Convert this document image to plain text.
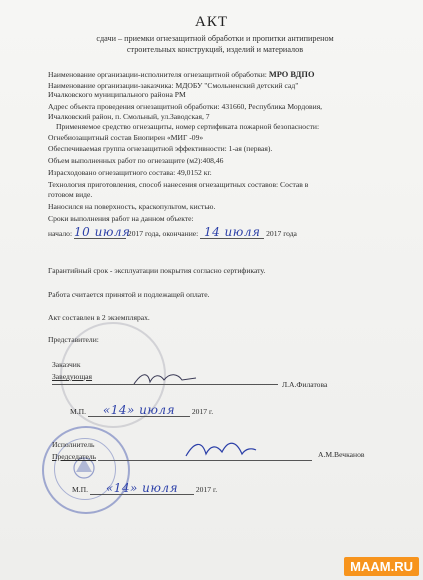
АКТ
сдачи – приемки огнезащитной обработки и пропитки антипиреном
строительных конструкций, изделий и материалов
Наименование организации-исполнителя огнезащитной обработки: МРО ВДПО
Наименование организации-заказчика: МДОБУ "Смольненский детский сад"
Ичалковского муниципального района РМ
Адрес объекта проведения огнезащитной обработки: 431660, Республика Мордовия,
Ичалковский район, п. Смольный, ул.Заводская, 7
Применяемое средство огнезащиты, номер сертификата пожарной безопасности:
Огнебиозащитный состав Биопирен «МИГ -09»
Обеспечиваемая группа огнезащитной эффективности: 1-ая (первая).
Объем выполненных работ по огнезащите (м2):408,46
Израсходовано огнезащитного состава: 49,0152 кг.
Технология приготовления, способ нанесения огнезащитных составов: Состав в
готовом виде.
Наносился на поверхность, краскопультом, кистью.
Сроки выполнения работ на данном объекте:
начало: 10 июля 2017 года, окончание: 14 июля 2017 года
Гарантийный срок - эксплуатации покрытия согласно сертификату.
Работа считается принятой и подлежащей оплате.
Акт составлен в 2 экземплярах.
Представители:
Заказчик
Заведующая
Л.А.Филатова
М.П. «14» июля 2017 г.
Исполнитель
Председатель	А.М.Вечканов
М.П. «14» июля 2017 г.
MAAM.RU
